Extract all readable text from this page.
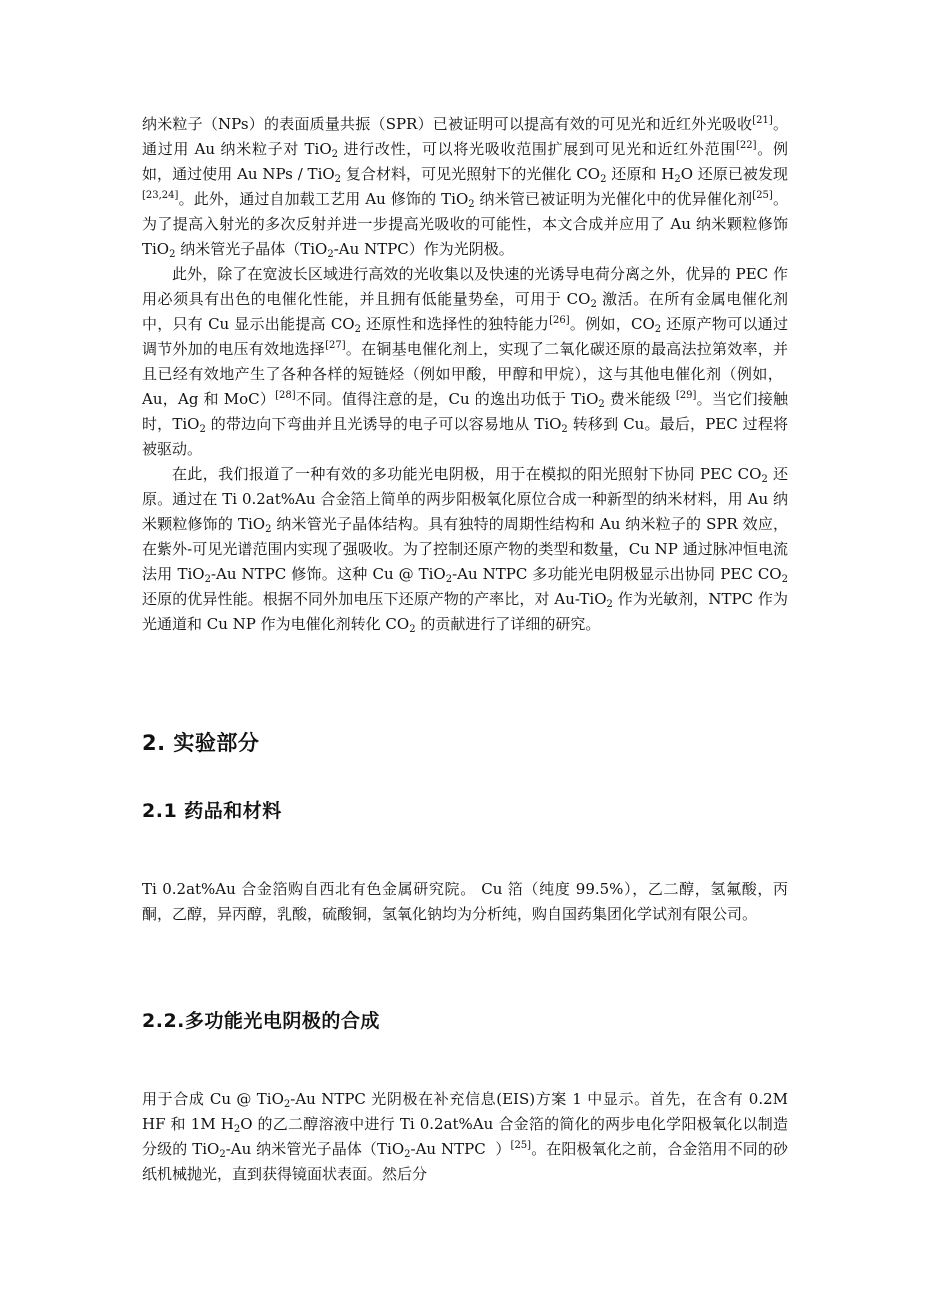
纳米粒子（NPs）的表面质量共振（SPR）已被证明可以提高有效的可见光和近红外光吸收[21]。通过用 Au 纳米粒子对 TiO$_2$ 进行改性，可以将光吸收范围扩展到可见光和近红外范围[22]。例如，通过使用 Au NPs / TiO$_2$ 复合材料，可见光照射下的光催化 $CO_2$ 还原和 $H_2O$ 还原已被发现[23,24]。此外，通过自加载工艺用 Au 修饰的 TiO$_2$ 纳米管已被证明为光催化中的优异催化剂[25]。为了提高入射光的多次反射并进一步提高光吸收的可能性，本文合成并应用了 Au 纳米颗粒修饰 TiO$_2$ 纳米管光子晶体（TiO$_2$-Au NTPC）作为光阴极。

此外，除了在宽波长区域进行高效的光收集以及快速的光诱导电荷分离之外，优异的 PEC 作用必须具有出色的电催化性能，并且拥有低能量势垒，可用于 $CO_2$ 激活。在所有金属电催化剂中，只有 Cu 显示出能提高 $CO_2$ 还原性和选择性的独特能力[26]。例如，$CO_2$ 还原产物可以通过调节外加的电压有效地选择[27]。在铜基电催化剂上，实现了二氧化碳还原的最高法拉第效率，并且已经有效地产生了各种各样的短链烃（例如甲酸，甲醇和甲烷），这与其他电催化剂（例如，  Au，Ag 和 MoC）[28]不同。值得注意的是，Cu 的逸出功低于 TiO$_2$ 费米能级 [29]。当它们接触时，TiO$_2$ 的带边向下弯曲并且光诱导的电子可以容易地从 TiO$_2$ 转移到 Cu。最后，PEC 过程将被驱动。

在此，我们报道了一种有效的多功能光电阴极，用于在模拟的阳光照射下协同 PEC $CO_2$ 还原。通过在 Ti 0.2at%Au 合金箔上简单的两步阳极氧化原位合成一种新型的纳米材料，用 Au 纳米颗粒修饰的 TiO$_2$ 纳米管光子晶体结构。具有独特的周期性结构和 Au 纳米粒子的 SPR 效应，在紫外-可见光谱范围内实现了强吸收。为了控制还原产物的类型和数量，Cu NP 通过脉冲恒电流法用 TiO$_2$-Au NTPC 修饰。这种 Cu @ TiO$_2$-Au NTPC 多功能光电阴极显示出协同 PEC $CO_2$ 还原的优异性能。根据不同外加电压下还原产物的产率比，对 Au-TiO$_2$ 作为光敏剂，NTPC 作为光通道和 Cu NP 作为电催化剂转化 $CO_2$ 的贡献进行了详细的研究。

2. 实验部分
2.1 药品和材料

Ti 0.2at%Au 合金箔购自西北有色金属研究院。 Cu 箔（纯度 99.5%），乙二醇，氢氟酸，丙酮，乙醇，异丙醇，乳酸，硫酸铜，氢氧化钠均为分析纯，购自国药集团化学试剂有限公司。

2.2.多功能光电阴极的合成

用于合成 Cu @ TiO$_2$-Au NTPC 光阴极在补充信息(EIS)方案 1 中显示。首先，在含有 0.2M HF 和 1M $H_2O$ 的乙二醇溶液中进行 Ti 0.2at%Au 合金箔的简化的两步电化学阳极氧化以制造分级的 TiO$_2$-Au 纳米管光子晶体（TiO$_2$-Au NTPC  ）[25]。在阳极氧化之前，合金箔用不同的砂纸机械抛光，直到获得镜面状表面。然后分
